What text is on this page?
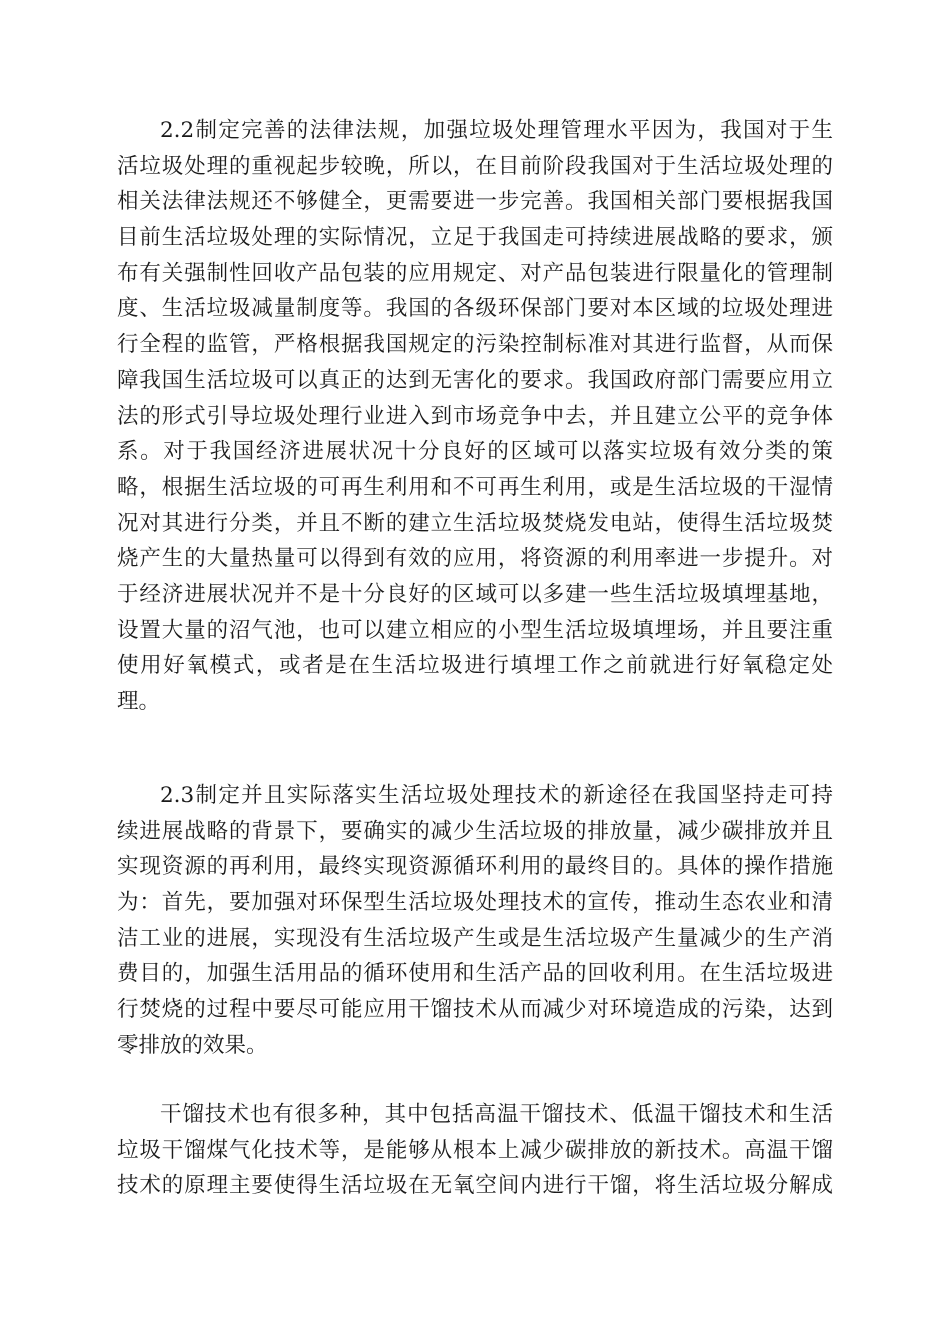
2.2制定完善的法律法规，加强垃圾处理管理水平因为，我国对于生
活垃圾处理的重视起步较晚，所以，在目前阶段我国对于生活垃圾处理的
相关法律法规还不够健全，更需要进一步完善。我国相关部门要根据我国
目前生活垃圾处理的实际情况，立足于我国走可持续进展战略的要求，颁
布有关强制性回收产品包装的应用规定、对产品包装进行限量化的管理制
度、生活垃圾减量制度等。我国的各级环保部门要对本区域的垃圾处理进
行全程的监管，严格根据我国规定的污染控制标准对其进行监督，从而保
障我国生活垃圾可以真正的达到无害化的要求。我国政府部门需要应用立
法的形式引导垃圾处理行业进入到市场竞争中去，并且建立公平的竞争体
系。对于我国经济进展状况十分良好的区域可以落实垃圾有效分类的策
略，根据生活垃圾的可再生利用和不可再生利用，或是生活垃圾的干湿情
况对其进行分类，并且不断的建立生活垃圾焚烧发电站，使得生活垃圾焚
烧产生的大量热量可以得到有效的应用，将资源的利用率进一步提升。对
于经济进展状况并不是十分良好的区域可以多建一些生活垃圾填埋基地，
设置大量的沼气池，也可以建立相应的小型生活垃圾填埋场，并且要注重
使用好氧模式，或者是在生活垃圾进行填埋工作之前就进行好氧稳定处
理。
2.3制定并且实际落实生活垃圾处理技术的新途径在我国坚持走可持
续进展战略的背景下，要确实的减少生活垃圾的排放量，减少碳排放并且
实现资源的再利用，最终实现资源循环利用的最终目的。具体的操作措施
为：首先，要加强对环保型生活垃圾处理技术的宣传，推动生态农业和清
洁工业的进展，实现没有生活垃圾产生或是生活垃圾产生量减少的生产消
费目的，加强生活用品的循环使用和生活产品的回收利用。在生活垃圾进
行焚烧的过程中要尽可能应用干馏技术从而减少对环境造成的污染，达到
零排放的效果。
干馏技术也有很多种，其中包括高温干馏技术、低温干馏技术和生活
垃圾干馏煤气化技术等，是能够从根本上减少碳排放的新技术。高温干馏
技术的原理主要使得生活垃圾在无氧空间内进行干馏，将生活垃圾分解成
